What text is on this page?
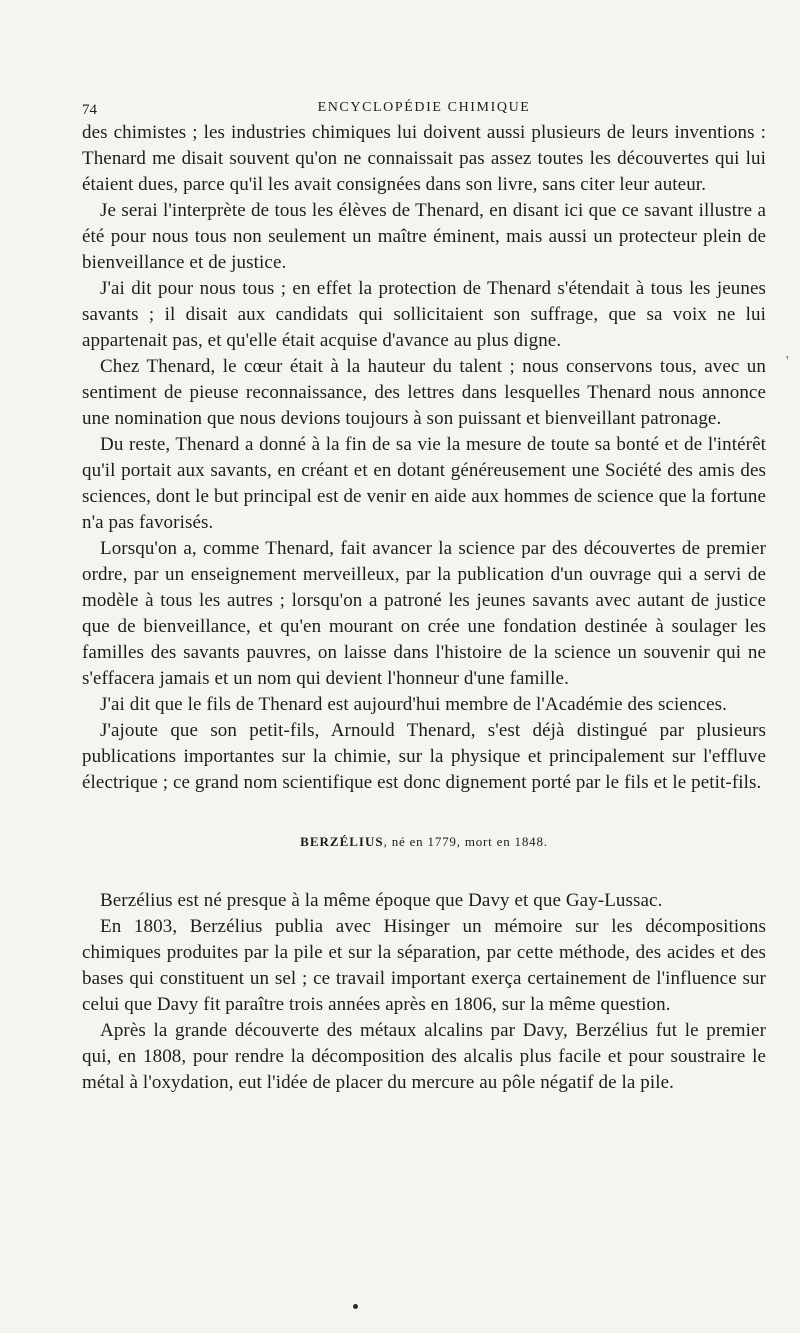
74	ENCYCLOPÉDIE CHIMIQUE

des chimistes ; les industries chimiques lui doivent aussi plusieurs de leurs inventions : Thenard me disait souvent qu'on ne connaissait pas assez toutes les découvertes qui lui étaient dues, parce qu'il les avait consignées dans son livre, sans citer leur auteur.

Je serai l'interprète de tous les élèves de Thenard, en disant ici que ce savant illustre a été pour nous tous non seulement un maître éminent, mais aussi un protecteur plein de bienveillance et de justice.

J'ai dit pour nous tous ; en effet la protection de Thenard s'étendait à tous les jeunes savants ; il disait aux candidats qui sollicitaient son suffrage, que sa voix ne lui appartenait pas, et qu'elle était acquise d'avance au plus digne.

Chez Thenard, le cœur était à la hauteur du talent ; nous conservons tous, avec un sentiment de pieuse reconnaissance, des lettres dans lesquelles Thenard nous annonce une nomination que nous devions toujours à son puissant et bienveillant patronage.

Du reste, Thenard a donné à la fin de sa vie la mesure de toute sa bonté et de l'intérêt qu'il portait aux savants, en créant et en dotant généreusement une Société des amis des sciences, dont le but principal est de venir en aide aux hommes de science que la fortune n'a pas favorisés.

Lorsqu'on a, comme Thenard, fait avancer la science par des découvertes de premier ordre, par un enseignement merveilleux, par la publication d'un ouvrage qui a servi de modèle à tous les autres ; lorsqu'on a patroné les jeunes savants avec autant de justice que de bienveillance, et qu'en mourant on crée une fondation destinée à soulager les familles des savants pauvres, on laisse dans l'histoire de la science un souvenir qui ne s'effacera jamais et un nom qui devient l'honneur d'une famille.

J'ai dit que le fils de Thenard est aujourd'hui membre de l'Académie des sciences.

J'ajoute que son petit-fils, Arnould Thenard, s'est déjà distingué par plusieurs publications importantes sur la chimie, sur la physique et principalement sur l'effluve électrique ; ce grand nom scientifique est donc dignement porté par le fils et le petit-fils.

BERZÉLIUS, né en 1779, mort en 1848.

Berzélius est né presque à la même époque que Davy et que Gay-Lussac.

En 1803, Berzélius publia avec Hisinger un mémoire sur les décompositions chimiques produites par la pile et sur la séparation, par cette méthode, des acides et des bases qui constituent un sel ; ce travail important exerça certainement de l'influence sur celui que Davy fit paraître trois années après en 1806, sur la même question.

Après la grande découverte des métaux alcalins par Davy, Berzélius fut le premier qui, en 1808, pour rendre la décomposition des alcalis plus facile et pour soustraire le métal à l'oxydation, eut l'idée de placer du mercure au pôle négatif de la pile.

'
